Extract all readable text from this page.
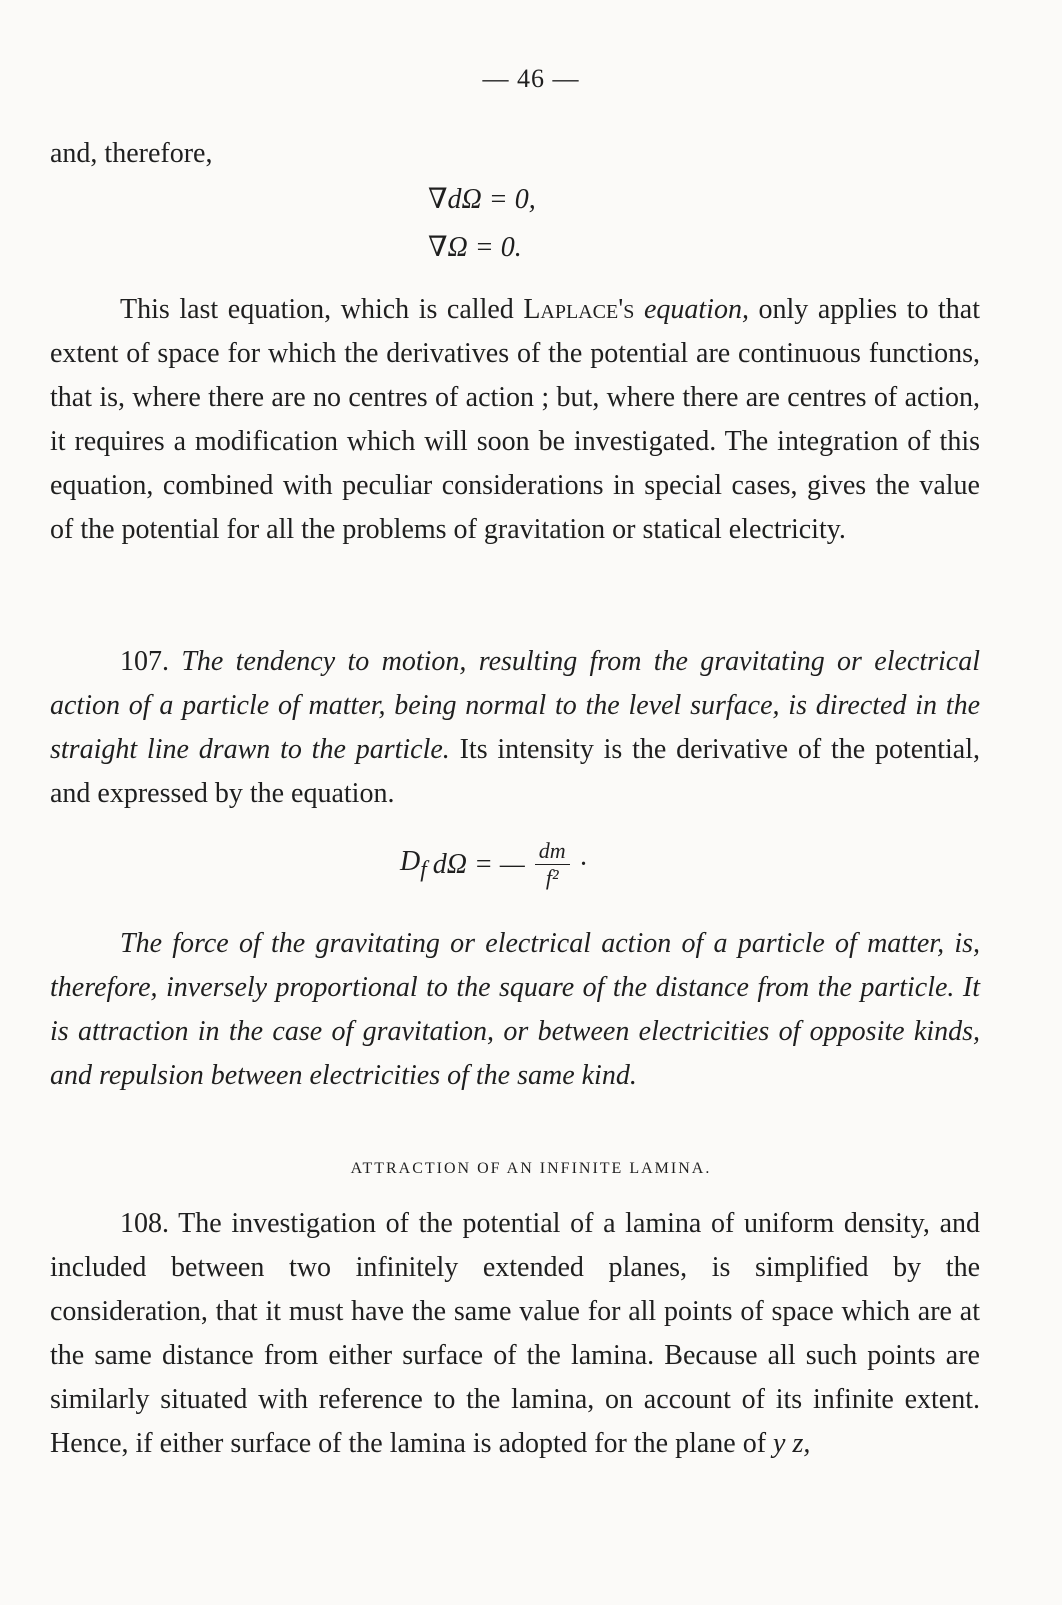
— 46 —
and, therefore,
∇dΩ = 0,
∇Ω = 0.
This last equation, which is called Laplace's equation, only applies to that extent of space for which the derivatives of the potential are continuous functions, that is, where there are no centres of action ; but, where there are centres of action, it requires a modification which will soon be investigated. The integration of this equation, combined with peculiar considerations in special cases, gives the value of the potential for all the problems of gravitation or statical electricity.
107. The tendency to motion, resulting from the gravitating or electrical action of a particle of matter, being normal to the level surface, is directed in the straight line drawn to the particle. Its intensity is the derivative of the potential, and expressed by the equation.
$D_f$ dΩ = — $\frac{dm}{\text{f²}}$ ·
The force of the gravitating or electrical action of a particle of matter, is, therefore, inversely proportional to the square of the distance from the particle. It is attraction in the case of gravitation, or between electricities of opposite kinds, and repulsion between electricities of the same kind.
ATTRACTION OF AN INFINITE LAMINA.
108. The investigation of the potential of a lamina of uniform density, and included between two infinitely extended planes, is simplified by the consideration, that it must have the same value for all points of space which are at the same distance from either surface of the lamina. Because all such points are similarly situated with reference to the lamina, on account of its infinite extent. Hence, if either surface of the lamina is adopted for the plane of y z,
